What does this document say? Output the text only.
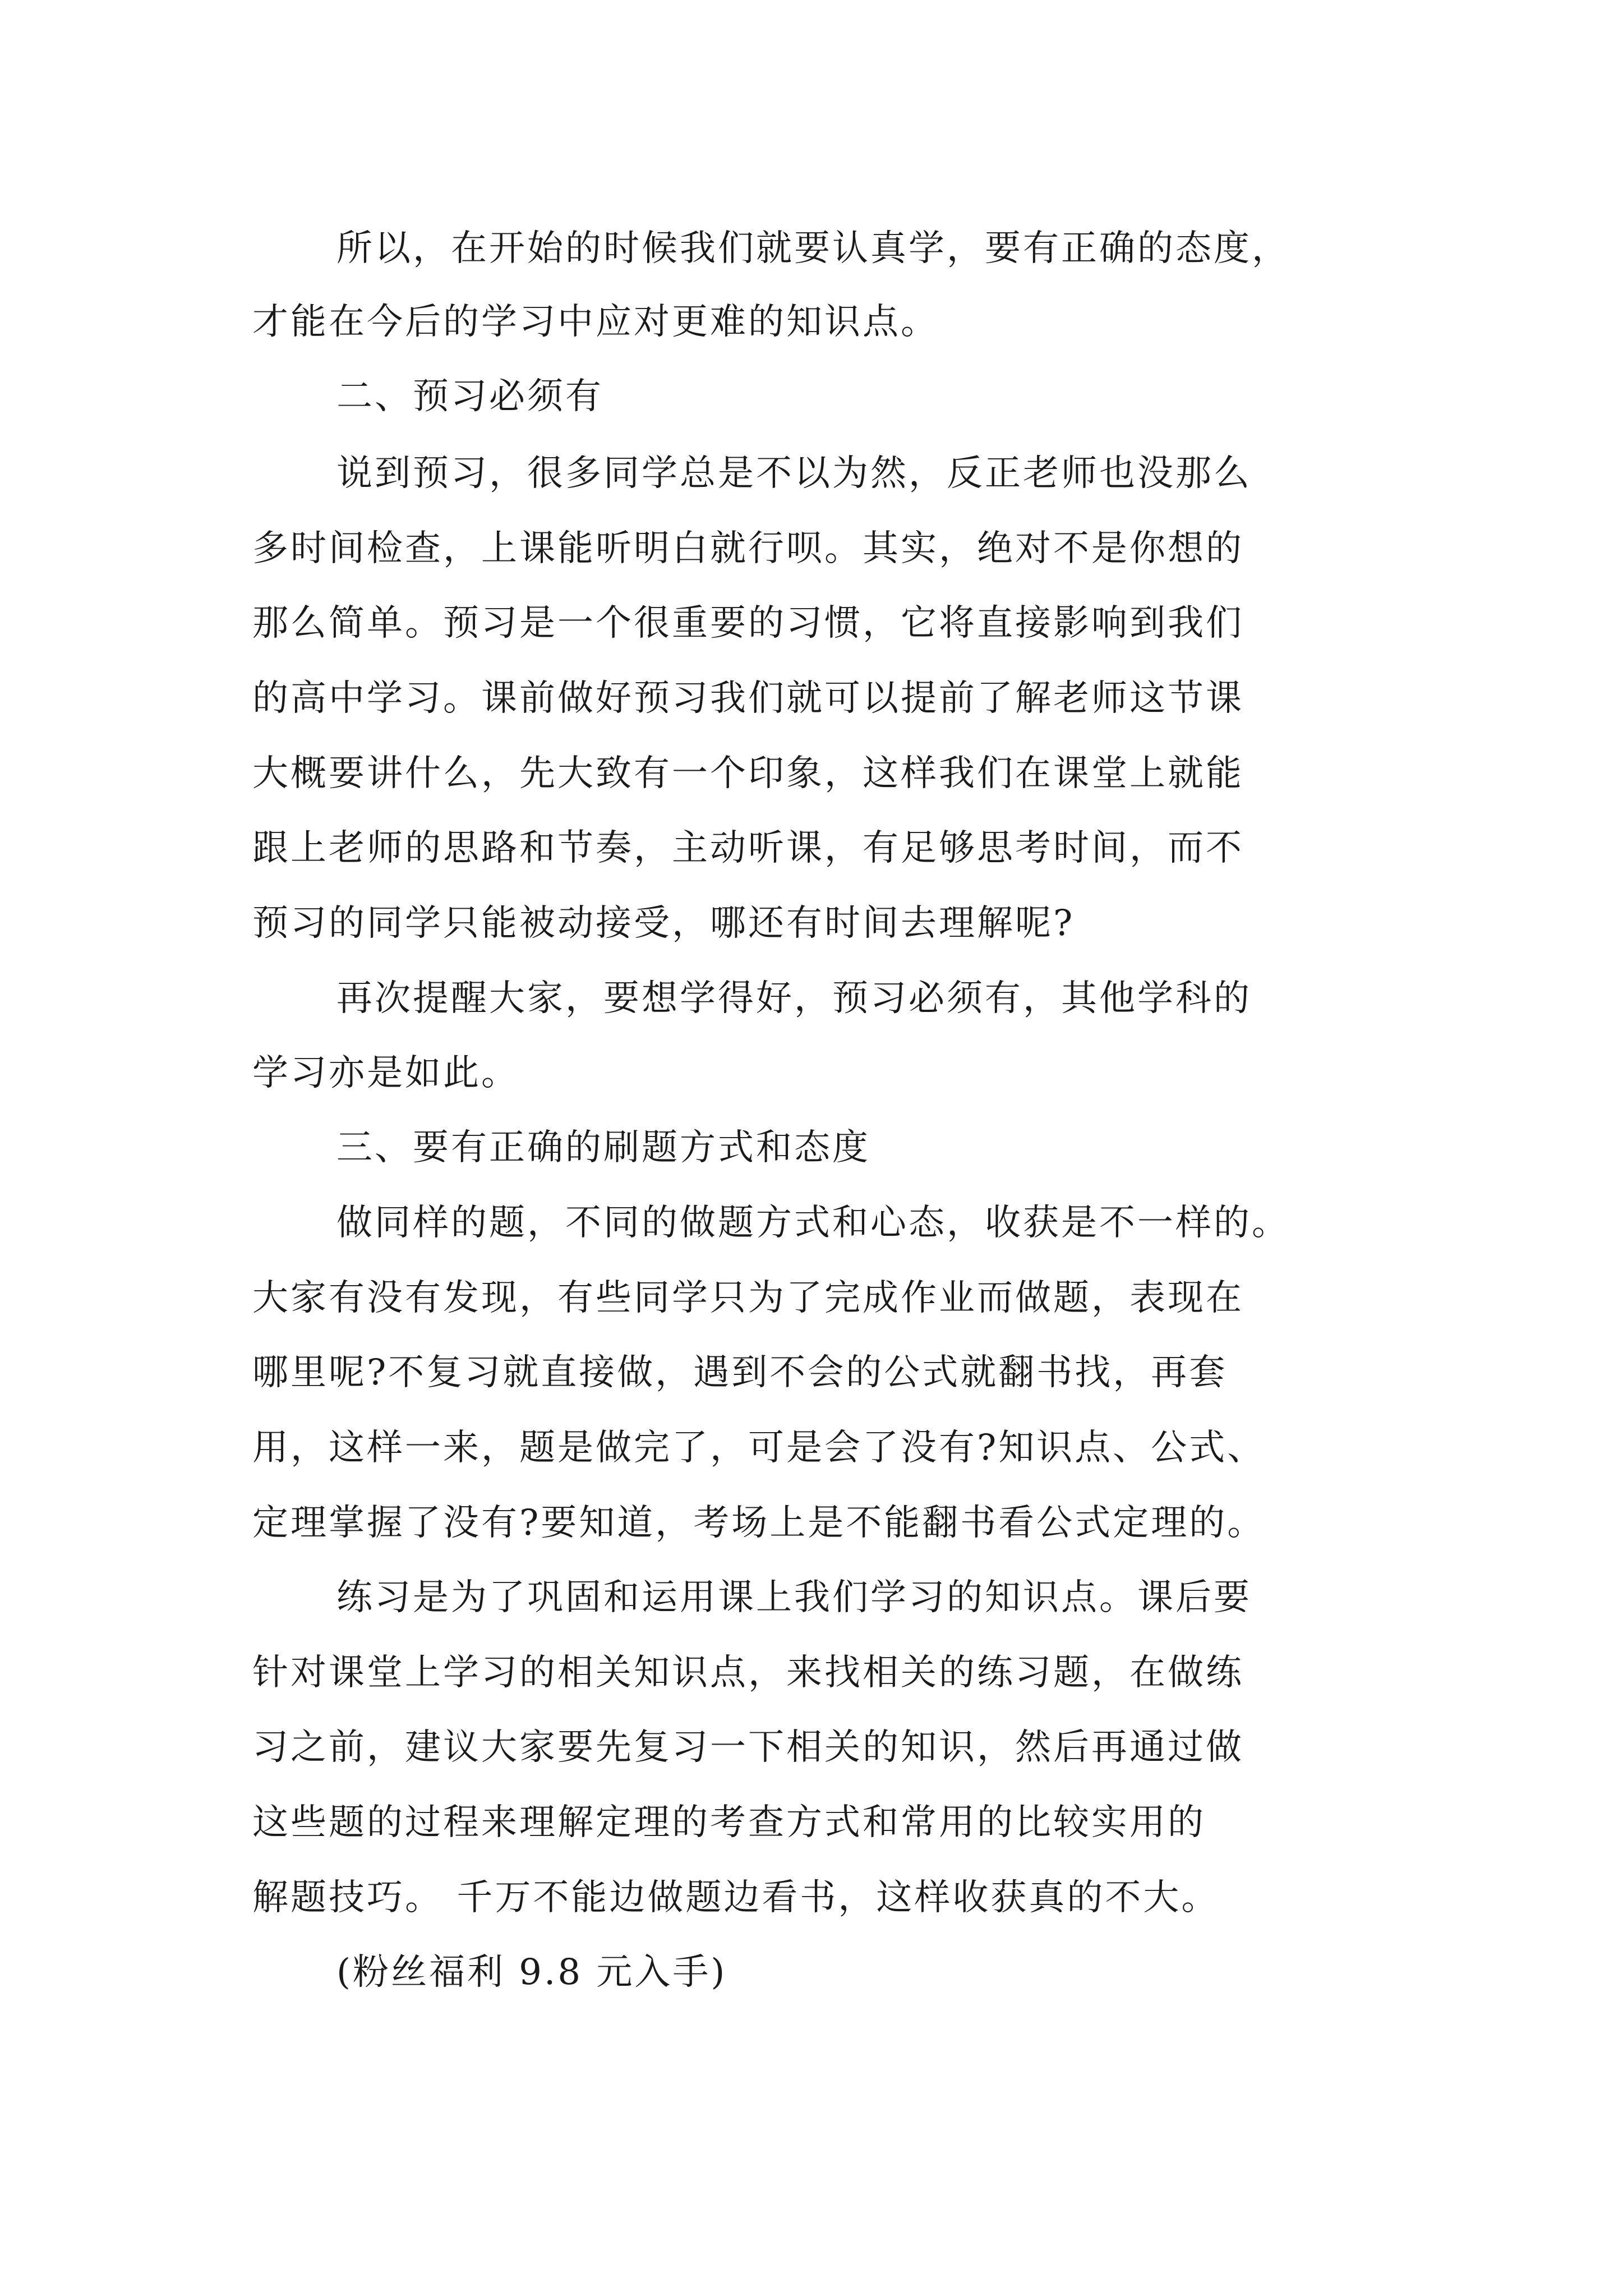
所以，在开始的时候我们就要认真学，要有正确的态度，
才能在今后的学习中应对更难的知识点。
二、预习必须有
说到预习，很多同学总是不以为然，反正老师也没那么
多时间检查，上课能听明白就行呗。其实，绝对不是你想的
那么简单。预习是一个很重要的习惯，它将直接影响到我们
的高中学习。课前做好预习我们就可以提前了解老师这节课
大概要讲什么，先大致有一个印象，这样我们在课堂上就能
跟上老师的思路和节奏，主动听课，有足够思考时间，而不
预习的同学只能被动接受，哪还有时间去理解呢?
再次提醒大家，要想学得好，预习必须有，其他学科的
学习亦是如此。
三、要有正确的刷题方式和态度
做同样的题，不同的做题方式和心态，收获是不一样的。
大家有没有发现，有些同学只为了完成作业而做题，表现在
哪里呢?不复习就直接做，遇到不会的公式就翻书找，再套
用，这样一来，题是做完了，可是会了没有?知识点、公式、
定理掌握了没有?要知道，考场上是不能翻书看公式定理的。
练习是为了巩固和运用课上我们学习的知识点。课后要
针对课堂上学习的相关知识点，来找相关的练习题，在做练
习之前，建议大家要先复习一下相关的知识，然后再通过做
这些题的过程来理解定理的考查方式和常用的比较实用的
解题技巧。 千万不能边做题边看书，这样收获真的不大。
(粉丝福利 9.8 元入手)
